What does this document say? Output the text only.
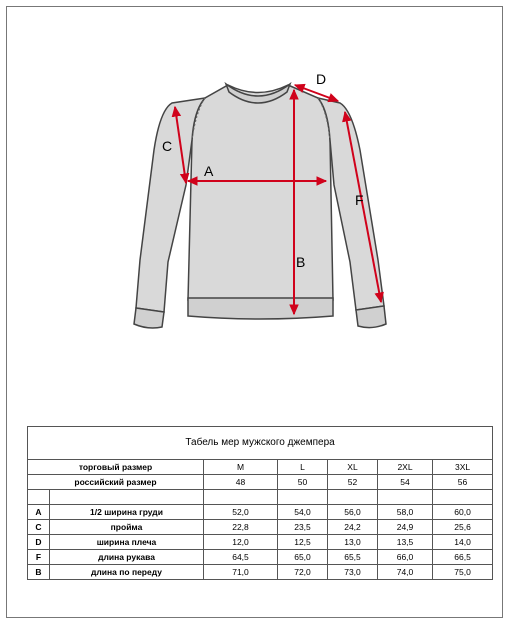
A
B
C
D
F
Табель мер мужского джемпера						
торговый размер		M	L	XL	2XL	3XL
российский размер		48	50	52	54	56

A	1/2 ширина груди	52,0	54,0	56,0	58,0	60,0
C	пройма	22,8	23,5	24,2	24,9	25,6
D	ширина плеча	12,0	12,5	13,0	13,5	14,0
F	длина рукава	64,5	65,0	65,5	66,0	66,5
B	длина по переду	71,0	72,0	73,0	74,0	75,0
